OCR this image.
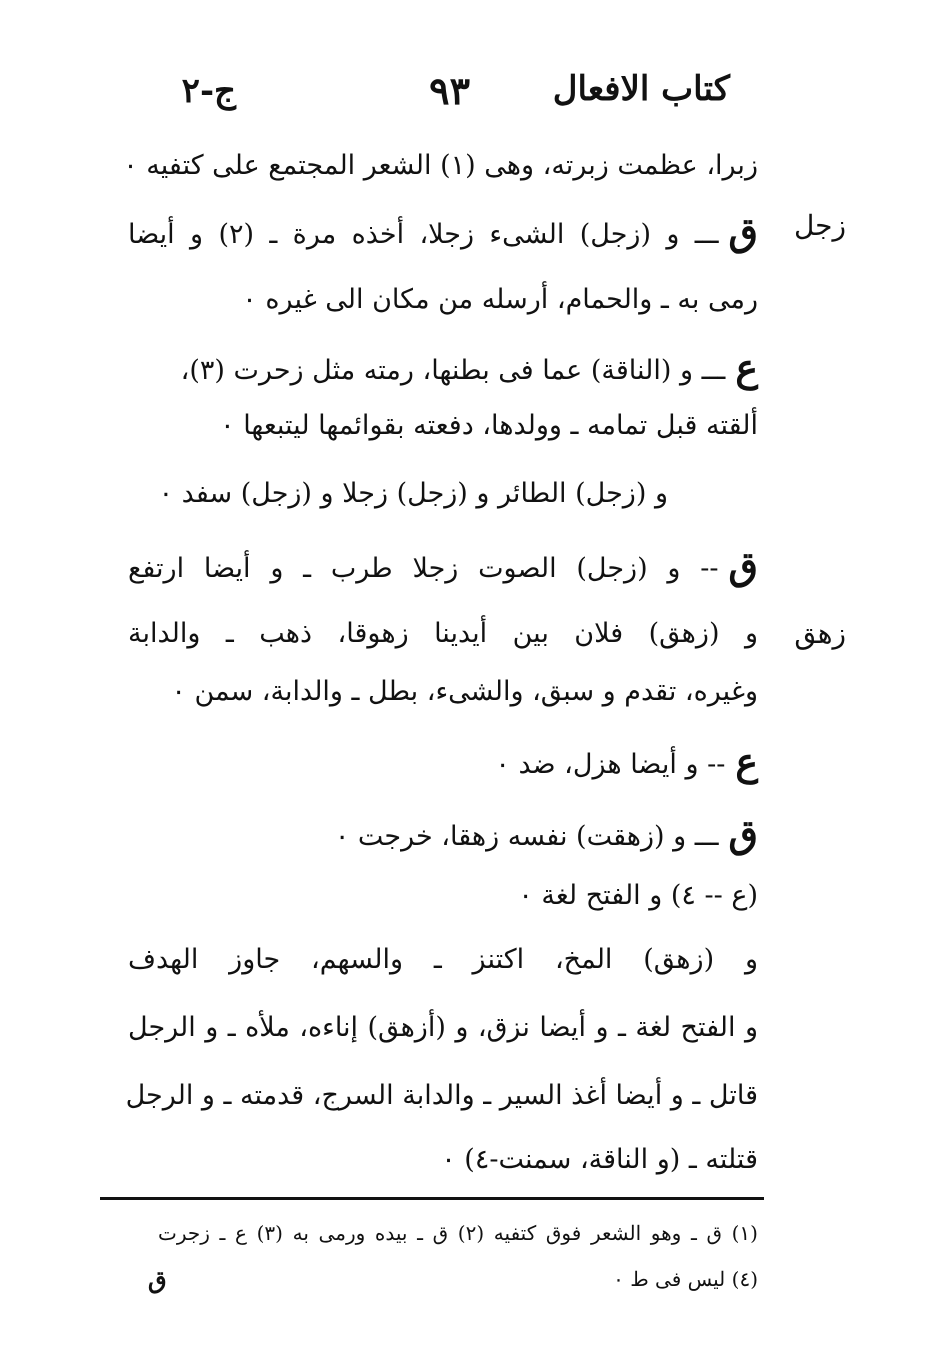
كتاب الافعال
٩٣
ج-٢
زجل
زهق
زبرا، عظمت زبرته، وهى (١) الشعر المجتمع على كتفيه ٠
قـــ و (زجل) الشىء زجلا، أخذه مرة ـ (٢) و أيضا
رمى به ـ والحمام، أرسله من مكان الى غيره ٠
عـــ و (الناقة) عما فى بطنها، رمته مثل زحرت (٣)،
ألقته قبل تمامه ـ وولدها، دفعته بقوائمها ليتبعها ٠
و (زجل) الطائر و (زجل) زجلا و (زجل) سفد ٠
ق-- و (زجل) الصوت زجلا طرب ـ و أيضا ارتفع
و (زهق) فلان بين أيدينا زهوقا، ذهب ـ والدابة
وغيره، تقدم و سبق، والشىء، بطل ـ والدابة، سمن ٠
ع-- و أيضا هزل، ضد ٠
قـــ و (زهقت) نفسه زهقا، خرجت ٠
(ع -- ٤) و الفتح لغة ٠
و (زهق) المخ، اكتنز ـ والسهم، جاوز الهدف
و الفتح لغة ـ و أيضا نزق، و (أزهق) إناءه، ملأه ـ و الرجل
قاتل ـ و أيضا أغذ السير ـ والدابة السرج، قدمته ـ و الرجل
قتلته ـ (و الناقة، سمنت-٤) ٠
(١) ق ـ وهو الشعر فوق كتفيه (٢) ق ـ بيده ورمى به (٣) ع ـ زجرت
(٤) ليس فى ط ٠
ق
